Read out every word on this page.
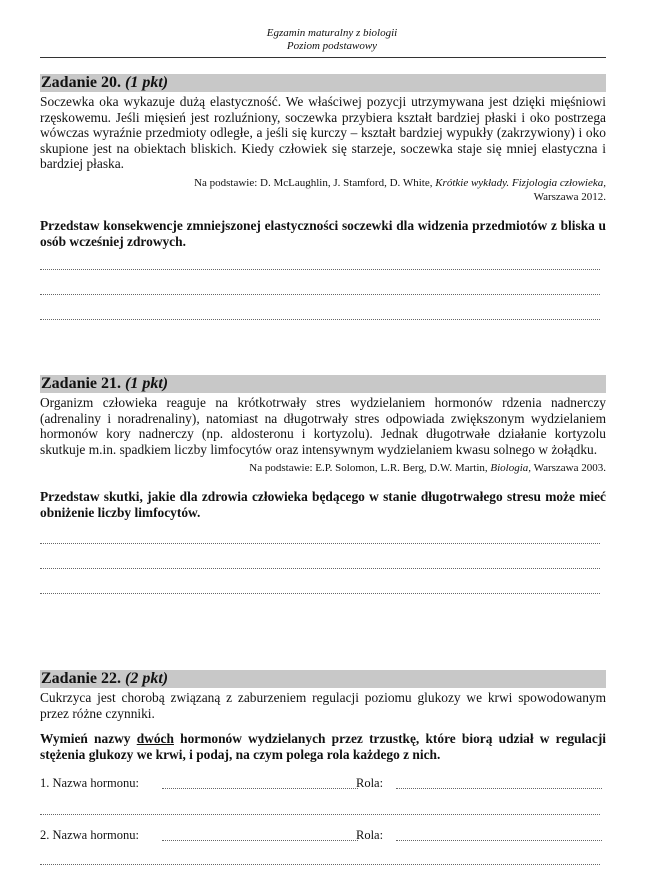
Egzamin maturalny z biologii
Poziom podstawowy
Zadanie 20. (1 pkt)
Soczewka oka wykazuje dużą elastyczność. We właściwej pozycji utrzymywana jest dzięki mięśniowi rzęskowemu. Jeśli mięsień jest rozluźniony, soczewka przybiera kształt bardziej płaski i oko postrzega wówczas wyraźnie przedmioty odległe, a jeśli się kurczy – kształt bardziej wypukły (zakrzywiony) i oko skupione jest na obiektach bliskich. Kiedy człowiek się starzeje, soczewka staje się mniej elastyczna i bardziej płaska.
Na podstawie: D. McLaughlin, J. Stamford, D. White, Krótkie wykłady. Fizjologia człowieka,
Warszawa 2012.
Przedstaw konsekwencje zmniejszonej elastyczności soczewki dla widzenia przedmiotów z bliska u osób wcześniej zdrowych.
Zadanie 21. (1 pkt)
Organizm człowieka reaguje na krótkotrwały stres wydzielaniem hormonów rdzenia nadnerczy (adrenaliny i noradrenaliny), natomiast na długotrwały stres odpowiada zwiększonym wydzielaniem hormonów kory nadnerczy (np. aldosteronu i kortyzolu). Jednak długotrwałe działanie kortyzolu skutkuje m.in. spadkiem liczby limfocytów oraz intensywnym wydzielaniem kwasu solnego w żołądku.
Na podstawie: E.P. Solomon, L.R. Berg, D.W. Martin, Biologia, Warszawa 2003.
Przedstaw skutki, jakie dla zdrowia człowieka będącego w stanie długotrwałego stresu może mieć obniżenie liczby limfocytów.
Zadanie 22. (2 pkt)
Cukrzyca jest chorobą związaną z zaburzeniem regulacji poziomu glukozy we krwi spowodowanym przez różne czynniki.
Wymień nazwy dwóch hormonów wydzielanych przez trzustkę, które biorą udział w regulacji stężenia glukozy we krwi, i podaj, na czym polega rola każdego z nich.
1. Nazwa hormonu:	Rola:
2. Nazwa hormonu:	Rola:
